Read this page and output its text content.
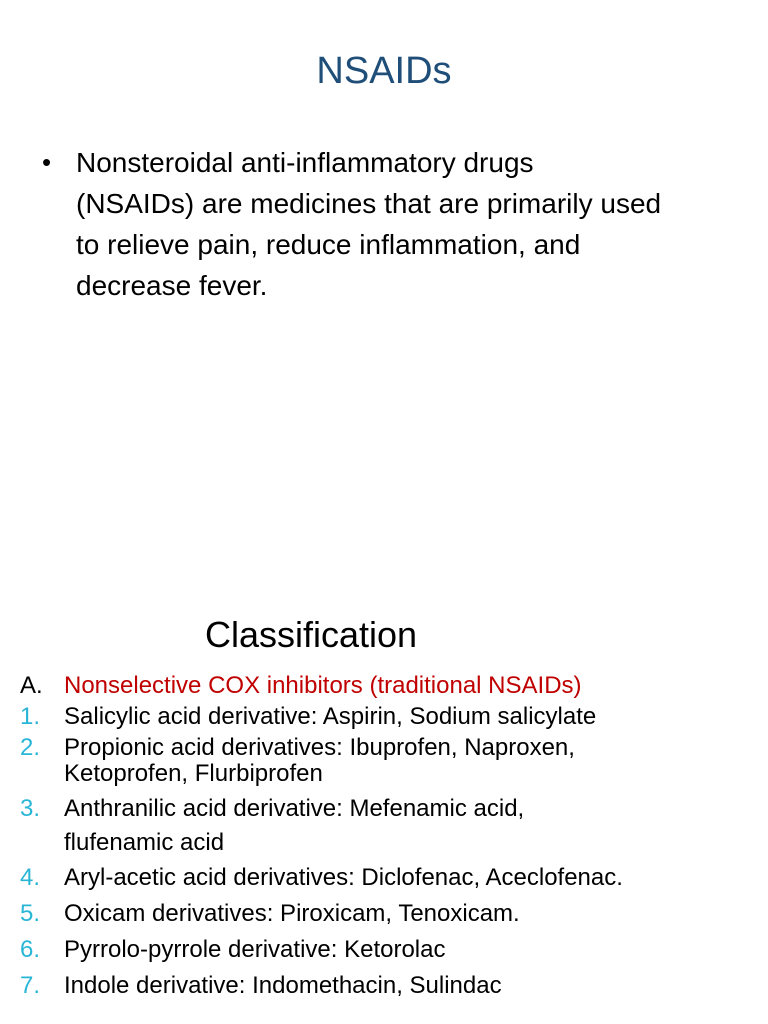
NSAIDs
• Nonsteroidal anti-inflammatory drugs
(NSAIDs) are medicines that are primarily used
to relieve pain, reduce inflammation, and
decrease fever.
Classification
A. Nonselective COX inhibitors (traditional NSAIDs)
1. Salicylic acid derivative: Aspirin, Sodium salicylate
2. Propionic acid derivatives: Ibuprofen, Naproxen,
Ketoprofen, Flurbiprofen
3. Anthranilic acid derivative: Mefenamic acid,
flufenamic acid
4. Aryl-acetic acid derivatives: Diclofenac, Aceclofenac.
5. Oxicam derivatives: Piroxicam, Tenoxicam.
6. Pyrrolo-pyrrole derivative: Ketorolac
7. Indole derivative: Indomethacin, Sulindac
